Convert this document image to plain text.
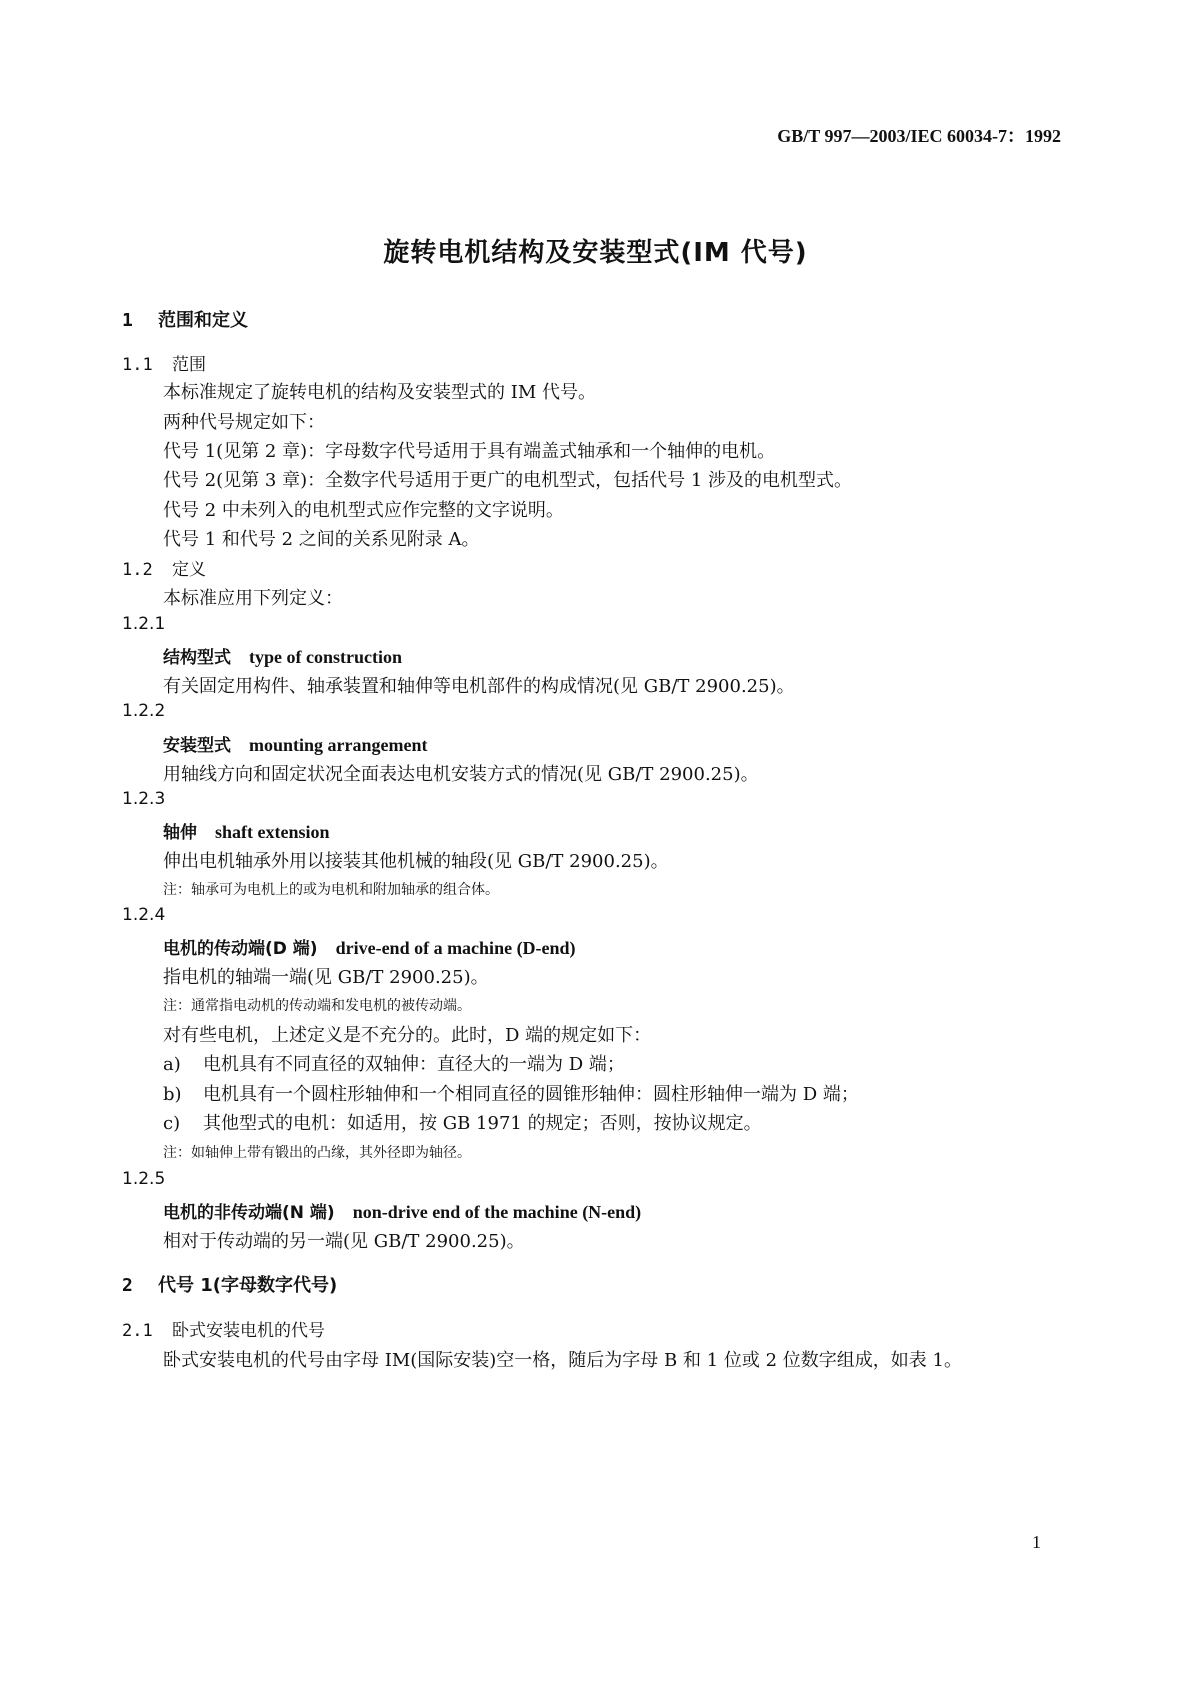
GB/T 997—2003/IEC 60034-7：1992
旋转电机结构及安装型式(IM 代号)
1 范围和定义
1.1 范围
本标准规定了旋转电机的结构及安装型式的 IM 代号。
两种代号规定如下：
代号 1(见第 2 章)：字母数字代号适用于具有端盖式轴承和一个轴伸的电机。
代号 2(见第 3 章)：全数字代号适用于更广的电机型式，包括代号 1 涉及的电机型式。
代号 2 中未列入的电机型式应作完整的文字说明。
代号 1 和代号 2 之间的关系见附录 A。
1.2 定义
本标准应用下列定义：
1.2.1
结构型式 type of construction
有关固定用构件、轴承装置和轴伸等电机部件的构成情况(见 GB/T 2900.25)。
1.2.2
安装型式 mounting arrangement
用轴线方向和固定状况全面表达电机安装方式的情况(见 GB/T 2900.25)。
1.2.3
轴伸 shaft extension
伸出电机轴承外用以接装其他机械的轴段(见 GB/T 2900.25)。
注：轴承可为电机上的或为电机和附加轴承的组合体。
1.2.4
电机的传动端(D 端) drive-end of a machine (D-end)
指电机的轴端一端(见 GB/T 2900.25)。
注：通常指电动机的传动端和发电机的被传动端。
对有些电机，上述定义是不充分的。此时，D 端的规定如下：
a) 电机具有不同直径的双轴伸：直径大的一端为 D 端；
b) 电机具有一个圆柱形轴伸和一个相同直径的圆锥形轴伸：圆柱形轴伸一端为 D 端；
c) 其他型式的电机：如适用，按 GB 1971 的规定；否则，按协议规定。
注：如轴伸上带有锻出的凸缘，其外径即为轴径。
1.2.5
电机的非传动端(N 端) non-drive end of the machine (N-end)
相对于传动端的另一端(见 GB/T 2900.25)。
2 代号 1(字母数字代号)
2.1 卧式安装电机的代号
卧式安装电机的代号由字母 IM(国际安装)空一格，随后为字母 B 和 1 位或 2 位数字组成，如表 1。
1
